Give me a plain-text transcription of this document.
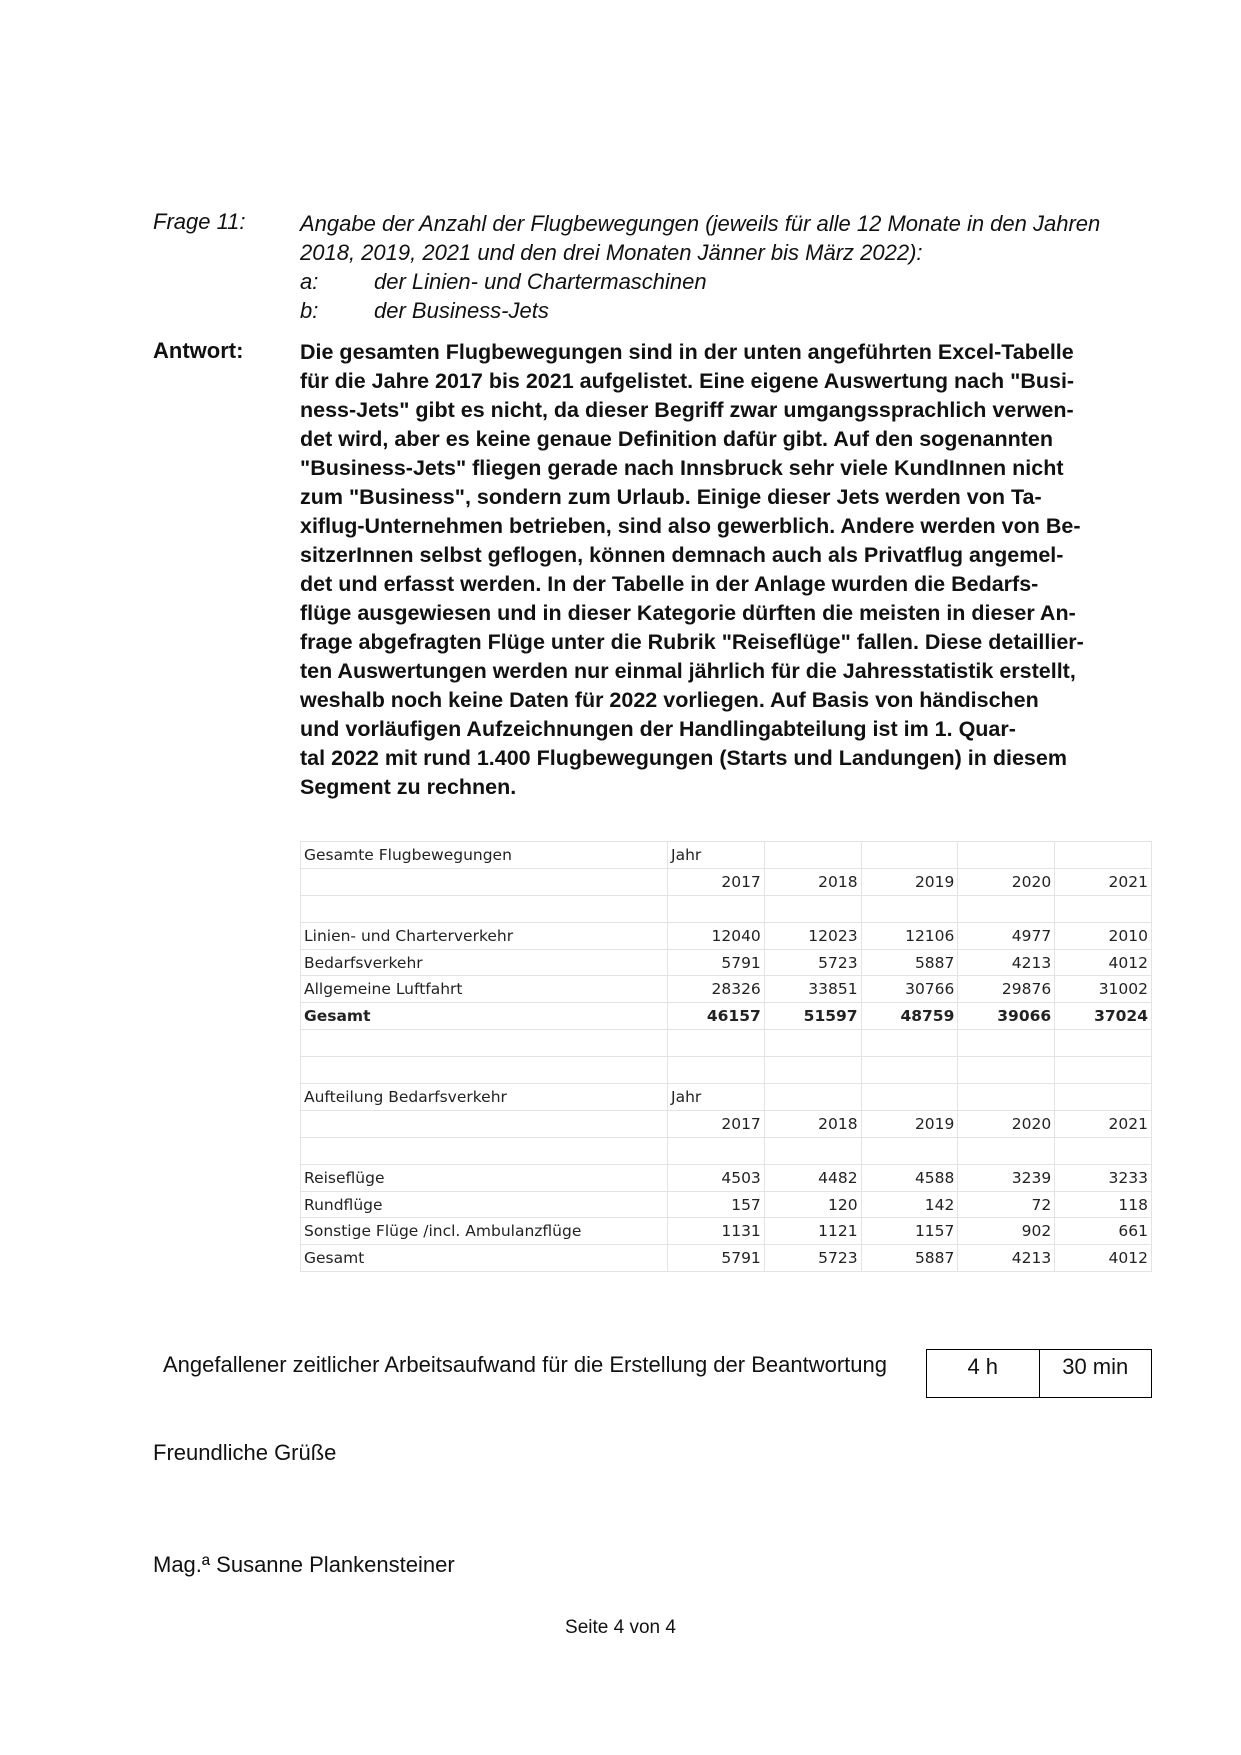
Frage 11: Angabe der Anzahl der Flugbewegungen (jeweils für alle 12 Monate in den Jahren
2018, 2019, 2021 und den drei Monaten Jänner bis März 2022):
a:	der Linien- und Chartermaschinen
b:	der Business-Jets
Antwort:	Die gesamten Flugbewegungen sind in der unten angeführten Excel-Tabelle
für die Jahre 2017 bis 2021 aufgelistet. Eine eigene Auswertung nach "Busi-
ness-Jets" gibt es nicht, da dieser Begriff zwar umgangssprachlich verwen-
det wird, aber es keine genaue Definition dafür gibt. Auf den sogenannten
"Business-Jets" fliegen gerade nach Innsbruck sehr viele KundInnen nicht
zum "Business", sondern zum Urlaub. Einige dieser Jets werden von Ta-
xiflug-Unternehmen betrieben, sind also gewerblich. Andere werden von Be-
sitzerInnen selbst geflogen, können demnach auch als Privatflug angemel-
det und erfasst werden. In der Tabelle in der Anlage wurden die Bedarfs-
flüge ausgewiesen und in dieser Kategorie dürften die meisten in dieser An-
frage abgefragten Flüge unter die Rubrik "Reiseflüge" fallen. Diese detaillier-
ten Auswertungen werden nur einmal jährlich für die Jahresstatistik erstellt,
weshalb noch keine Daten für 2022 vorliegen. Auf Basis von händischen
und vorläufigen Aufzeichnungen der Handlingabteilung ist im 1. Quar-
tal 2022 mit rund 1.400 Flugbewegungen (Starts und Landungen) in diesem
Segment zu rechnen.
Gesamte Flugbewegungen	Jahr				
	2017	2018	2019	2020	2021

Linien- und Charterverkehr	12040	12023	12106	4977	2010
Bedarfsverkehr	5791	5723	5887	4213	4012
Allgemeine Luftfahrt	28326	33851	30766	29876	31002
Gesamt	46157	51597	48759	39066	37024

Aufteilung Bedarfsverkehr	Jahr				
	2017	2018	2019	2020	2021

Reiseflüge	4503	4482	4588	3239	3233
Rundflüge	157	120	142	72	118
Sonstige Flüge /incl. Ambulanzflüge	1131	1121	1157	902	661
Gesamt	5791	5723	5887	4213	4012
Angefallener zeitlicher Arbeitsaufwand für die Erstellung der Beantwortung	4 h	30 min
Freundliche Grüße
Mag.ª Susanne Plankensteiner
Seite 4 von 4
